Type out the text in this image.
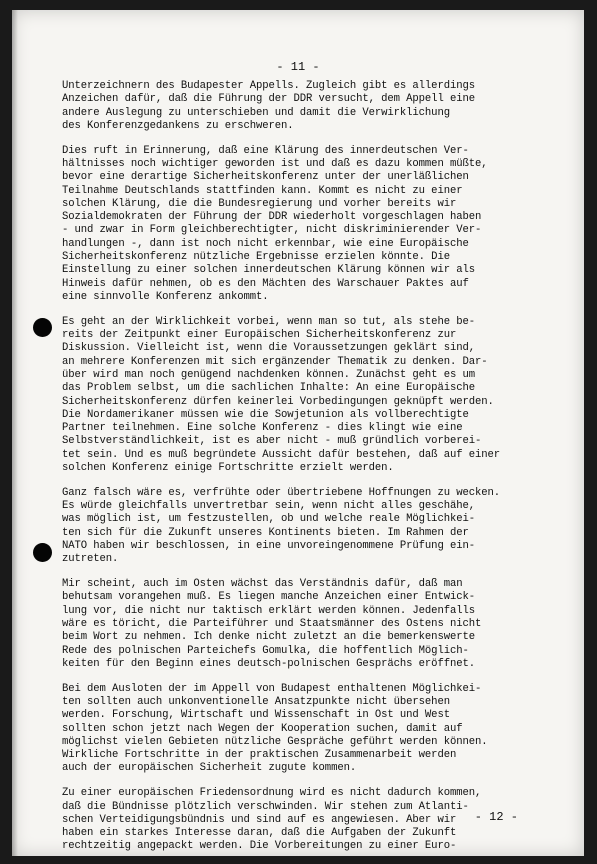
- 11 -

Unterzeichnern des Budapester Appells. Zugleich gibt es allerdings
Anzeichen dafür, daß die Führung der DDR versucht, dem Appell eine
andere Auslegung zu unterschieben und damit die Verwirklichung
des Konferenzgedankens zu erschweren.

Dies ruft in Erinnerung, daß eine Klärung des innerdeutschen Ver-
hältnisses noch wichtiger geworden ist und daß es dazu kommen müßte,
bevor eine derartige Sicherheitskonferenz unter der unerläßlichen
Teilnahme Deutschlands stattfinden kann. Kommt es nicht zu einer
solchen Klärung, die die Bundesregierung und vorher bereits wir
Sozialdemokraten der Führung der DDR wiederholt vorgeschlagen haben
- und zwar in Form gleichberechtigter, nicht diskriminierender Ver-
handlungen -, dann ist noch nicht erkennbar, wie eine Europäische
Sicherheitskonferenz nützliche Ergebnisse erzielen könnte. Die
Einstellung zu einer solchen innerdeutschen Klärung können wir als
Hinweis dafür nehmen, ob es den Mächten des Warschauer Paktes auf
eine sinnvolle Konferenz ankommt.

Es geht an der Wirklichkeit vorbei, wenn man so tut, als stehe be-
reits der Zeitpunkt einer Europäischen Sicherheitskonferenz zur
Diskussion. Vielleicht ist, wenn die Voraussetzungen geklärt sind,
an mehrere Konferenzen mit sich ergänzender Thematik zu denken. Dar-
über wird man noch genügend nachdenken können. Zunächst geht es um
das Problem selbst, um die sachlichen Inhalte: An eine Europäische
Sicherheitskonferenz dürfen keinerlei Vorbedingungen geknüpft werden.
Die Nordamerikaner müssen wie die Sowjetunion als vollberechtigte
Partner teilnehmen. Eine solche Konferenz - dies klingt wie eine
Selbstverständlichkeit, ist es aber nicht - muß gründlich vorberei-
tet sein. Und es muß begründete Aussicht dafür bestehen, daß auf einer
solchen Konferenz einige Fortschritte erzielt werden.

Ganz falsch wäre es, verfrühte oder übertriebene Hoffnungen zu wecken.
Es würde gleichfalls unvertretbar sein, wenn nicht alles geschähe,
was möglich ist, um festzustellen, ob und welche reale Möglichkei-
ten sich für die Zukunft unseres Kontinents bieten. Im Rahmen der
NATO haben wir beschlossen, in eine unvoreingenommene Prüfung ein-
zutreten.

Mir scheint, auch im Osten wächst das Verständnis dafür, daß man
behutsam vorangehen muß. Es liegen manche Anzeichen einer Entwick-
lung vor, die nicht nur taktisch erklärt werden können. Jedenfalls
wäre es töricht, die Parteiführer und Staatsmänner des Ostens nicht
beim Wort zu nehmen. Ich denke nicht zuletzt an die bemerkenswerte
Rede des polnischen Parteichefs Gomulka, die hoffentlich Möglich-
keiten für den Beginn eines deutsch-polnischen Gesprächs eröffnet.

Bei dem Ausloten der im Appell von Budapest enthaltenen Möglichkei-
ten sollten auch unkonventionelle Ansatzpunkte nicht übersehen
werden. Forschung, Wirtschaft und Wissenschaft in Ost und West
sollten schon jetzt nach Wegen der Kooperation suchen, damit auf
möglichst vielen Gebieten nützliche Gespräche geführt werden können.
Wirkliche Fortschritte in der praktischen Zusammenarbeit werden
auch der europäischen Sicherheit zugute kommen.

Zu einer europäischen Friedensordnung wird es nicht dadurch kommen,
daß die Bündnisse plötzlich verschwinden. Wir stehen zum Atlanti-
schen Verteidigungsbündnis und sind auf es angewiesen. Aber wir
haben ein starkes Interesse daran, daß die Aufgaben der Zukunft
rechtzeitig angepackt werden. Die Vorbereitungen zu einer Euro-

- 12 -
